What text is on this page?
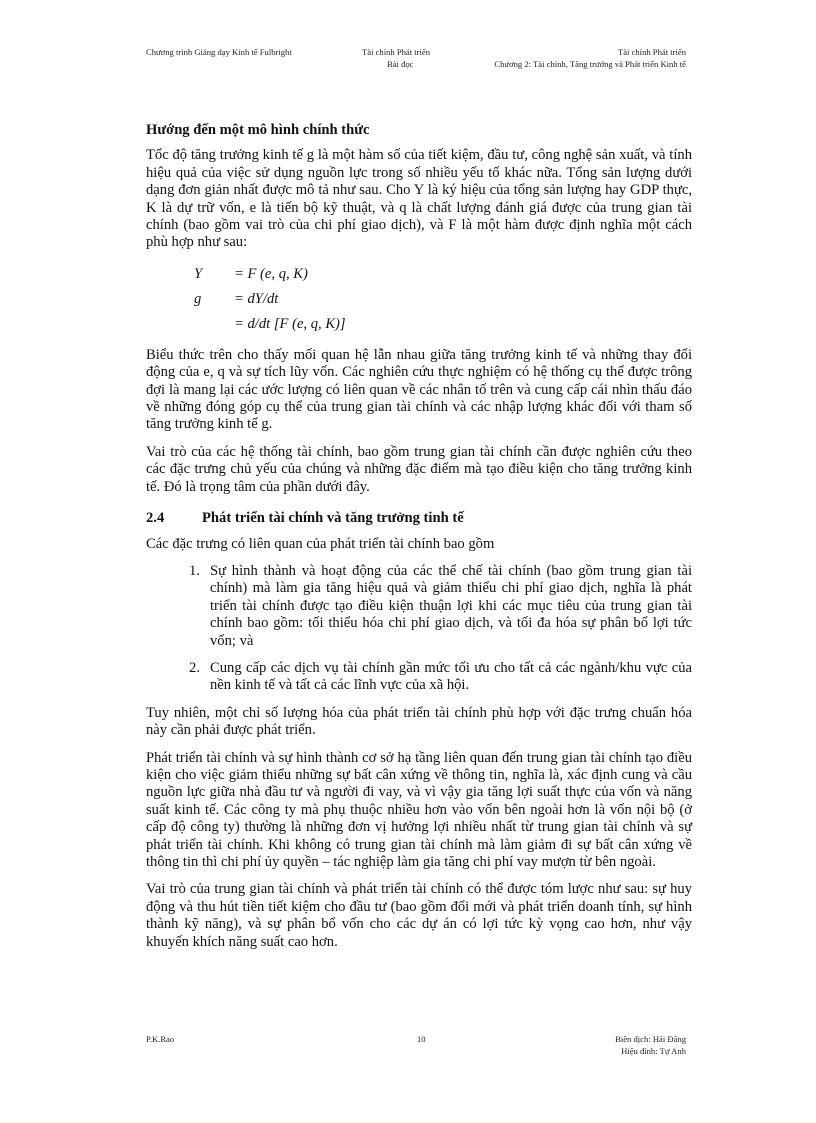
Chương trình Giảng dạy Kinh tế Fulbright	Tài chính Phát triển	Tài chính Phát triển
Bài đọc	Chương 2: Tài chính, Tăng trưởng và Phát triển Kinh tế
Hướng đến một mô hình chính thức

Tốc độ tăng trưởng kinh tế g là một hàm số của tiết kiệm, đầu tư, công nghệ sản xuất, và tính hiệu quả của việc sử dụng nguồn lực trong số nhiều yếu tố khác nữa. Tổng sản lượng dưới dạng đơn giản nhất được mô tả như sau. Cho Y là ký hiệu của tổng sản lượng hay GDP thực, K là dự trữ vốn, e là tiến bộ kỹ thuật, và q là chất lượng đánh giá được của trung gian tài chính (bao gồm vai trò của chi phí giao dịch), và F là một hàm được định nghĩa một cách phù hợp như sau:

Y	= F (e, q, K)
g	= dY/dt
= d/dt [F (e, q, K)]

Biểu thức trên cho thấy mối quan hệ lẫn nhau giữa tăng trưởng kinh tế và những thay đổi động của e, q và sự tích lũy vốn. Các nghiên cứu thực nghiệm có hệ thống cụ thể được trông đợi là mang lại các ước lượng có liên quan về các nhân tố trên và cung cấp cái nhìn thấu đáo về những đóng góp cụ thể của trung gian tài chính và các nhập lượng khác đối với tham số tăng trưởng kinh tế g.

Vai trò của các hệ thống tài chính, bao gồm trung gian tài chính cần được nghiên cứu theo các đặc trưng chủ yếu của chúng và những đặc điểm mà tạo điều kiện cho tăng trưởng kinh tế. Đó là trọng tâm của phần dưới đây.

2.4	Phát triển tài chính và tăng trưởng tinh tế

Các đặc trưng có liên quan của phát triển tài chính bao gồm

1. Sự hình thành và hoạt động của các thể chế tài chính (bao gồm trung gian tài chính) mà làm gia tăng hiệu quả và giảm thiểu chi phí giao dịch, nghĩa là phát triển tài chính được tạo điều kiện thuận lợi khi các mục tiêu của trung gian tài chính bao gồm: tối thiểu hóa chi phí giao dịch, và tối đa hóa sự phân bổ lợi tức vốn; và
2. Cung cấp các dịch vụ tài chính gần mức tối ưu cho tất cả các ngành/khu vực của nền kinh tế và tất cả các lĩnh vực của xã hội.

Tuy nhiên, một chỉ số lượng hóa của phát triển tài chính phù hợp với đặc trưng chuẩn hóa này cần phải được phát triển.

Phát triển tài chính và sự hình thành cơ sở hạ tầng liên quan đến trung gian tài chính tạo điều kiện cho việc giảm thiểu những sự bất cân xứng về thông tin, nghĩa là, xác định cung và cầu nguồn lực giữa nhà đầu tư và người đi vay, và vì vậy gia tăng lợi suất thực của vốn và năng suất kinh tế. Các công ty mà phụ thuộc nhiều hơn vào vốn bên ngoài hơn là vốn nội bộ (ở cấp độ công ty) thường là những đơn vị hưởng lợi nhiều nhất từ trung gian tài chính và sự phát triển tài chính. Khi không có trung gian tài chính mà làm giảm đi sự bất cân xứng về thông tin thì chi phí ủy quyền – tác nghiệp làm gia tăng chi phí vay mượn từ bên ngoài.

Vai trò của trung gian tài chính và phát triển tài chính có thể được tóm lược như sau: sự huy động và thu hút tiền tiết kiệm cho đầu tư (bao gồm đổi mới và phát triển doanh tính, sự hình thành kỹ năng), và sự phân bổ vốn cho các dự án có lợi tức kỳ vọng cao hơn, như vậy khuyến khích năng suất cao hơn.

P.K.Rao	10	Biên dịch: Hải Đăng
Hiệu đính: Tự Anh
